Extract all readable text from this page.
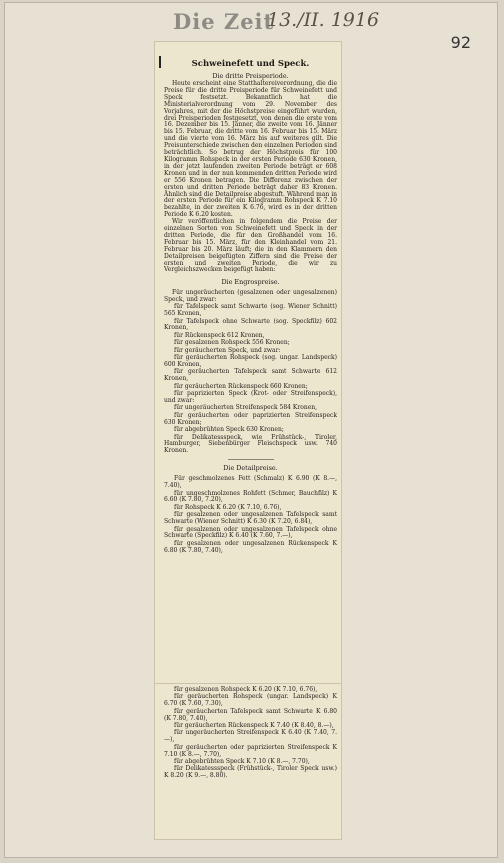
Die Zeit
13./II. 1916
92
Schweinefett und Speck.
Die dritte Preisperiode.

Heute erscheint eine Statthaltereiverordnung, die die Preise für die dritte Preisperiode für Schweinefett und Speck festsetzt. Bekanntlich hat die Ministerialverordnung vom 29. November des Vorjahres, mit der die Höchstpreise eingeführt wurden, drei Preisperioden festgesetzt, von denen die erste vom 16. Dezember bis 15. Jänner, die zweite vom 16. Jänner bis 15. Februar, die dritte vom 16. Februar bis 15. März und die vierte vom 16. März bis auf weiteres gilt. Die Preisunterschiede zwischen den einzelnen Perioden sind beträchtlich. So betrug der Höchstpreis für 100 Kilogramm Rohspeck in der ersten Periode 630 Kronen, in der jetzt laufenden zweiten Periode beträgt er 608 Kronen und in der nun kommenden dritten Periode wird er 556 Kronen betragen. Die Differenz zwischen der ersten und dritten Periode beträgt daher 83 Kronen. Ähnlich sind die Detailpreise abgestuft. Während man in der ersten Periode für ein Kilogramm Rohspeck K 7.10 bezahlte, in der zweiten K 6.76, wird es in der dritten Periode K 6.20 kosten.

Wir veröffentlichen in folgendem die Preise der einzelnen Sorten von Schweinefett und Speck in der dritten Periode, die für den Großhandel vom 16. Februar bis 15. März, für den Kleinhandel vom 21. Februar bis 20. März läuft; die in den Klammern den Detailpreisen beigefügten Ziffern sind die Preise der ersten und zweiten Periode, die wir zu Vergleichszwecken beigefügt haben:

Die Engrospreise.

Für ungeräucherten (gesalzenen oder ungesalzenen) Speck, und zwar:

für Tafelspeck samt Schwarte (sog. Wiener Schnitt) 565 Kronen,

für Tafelspeck ohne Schwarte (sog. Speckfilz) 602 Kronen,

für Rückenspeck 612 Kronen,

für gesalzenen Rohspeck 556 Kronen;

für geräucherten Speck, und zwar:

für geräucherten Rohspeck (sog. ungar. Landspeck) 600 Kronen,

für geräucherten Tafelspeck samt Schwarte 612 Kronen,

für geräucherten Rückenspeck 660 Kronen;

für paprizierten Speck (Krot- oder Streifenspeck), und zwar:

für ungeräucherten Streifenspeck 584 Kronen,

für geräucherten oder paprizierten Streifenspeck 630 Kronen;

für abgebrühten Speck 630 Kronen;

für Delikatessspeck, wie Frühstück-, Tiroler, Hamburger, Siebenbürger Fleischspeck usw. 740 Kronen.

Die Detailpreise.

Für geschmolzenes Fett (Schmalz) K 6.90 (K 8.—, 7.40),

für ungeschmolzenes Rohfett (Schmer, Bauchfilz) K 6.60 (K 7.80, 7.20),

für Rohspeck K 6.20 (K 7.10, 6.76),

für gesalzenen oder ungesalzenen Tafelspeck samt Schwarte (Wiener Schnitt) K 6.30 (K 7.20, 6.84),

für gesalzenen oder ungesalzenen Tafelspeck ohne Schwarte (Speckfilz) K 6.40 (K 7.60, 7.—),

für gesalzenen oder ungesalzenen Rückenspeck K 6.80 (K 7.80, 7.40),

für gesalzenen Rohspeck K 6.20 (K 7.10, 6.76),

für geräucherten Rohspeck (ungar. Landspeck) K 6.70 (K 7.60, 7.30),

für geräucherten Tafelspeck samt Schwarte K 6.80 (K 7.80, 7.40),

für geräucherten Rückenspeck K 7.40 (K 8.40, 8.—),

für ungeräucherten Streifenspeck K 6.40 (K 7.40, 7.—),

für geräucherten oder paprizierten Streifenspeck K 7.10 (K 8.—, 7.70),

für abgebrühten Speck K 7.10 (K 8.—, 7.70),

für Delikatessspeck (Frühstück-, Tiroler Speck usw.) K 8.20 (K 9.—, 8.80).
